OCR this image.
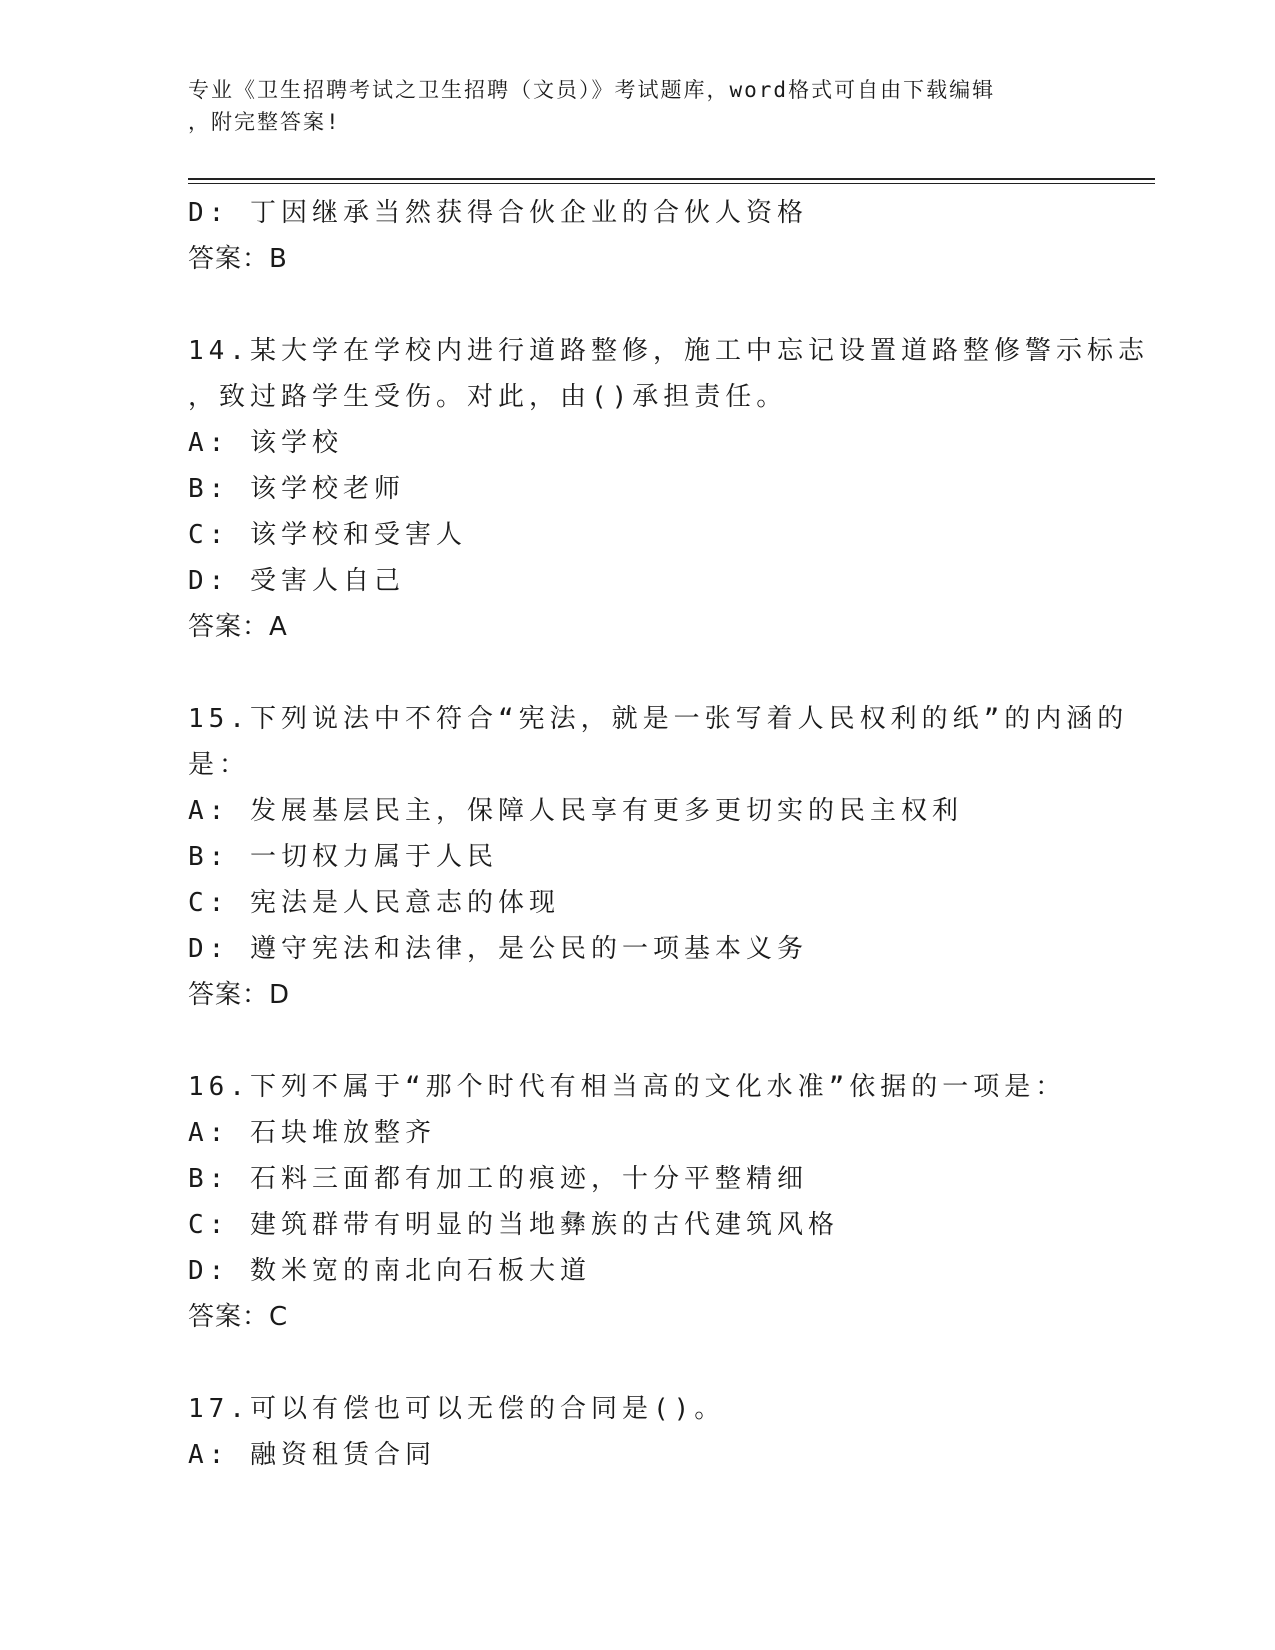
专业《卫生招聘考试之卫生招聘（文员）》考试题库，word格式可自由下载编辑
，附完整答案!
D: 丁因继承当然获得合伙企业的合伙人资格
答案：B
14.某大学在学校内进行道路整修，施工中忘记设置道路整修警示标志
，致过路学生受伤。对此，由()承担责任。
A: 该学校
B: 该学校老师
C: 该学校和受害人
D: 受害人自己
答案：A
15.下列说法中不符合“宪法，就是一张写着人民权利的纸”的内涵的
是：
A: 发展基层民主，保障人民享有更多更切实的民主权利
B: 一切权力属于人民
C: 宪法是人民意志的体现
D: 遵守宪法和法律，是公民的一项基本义务
答案：D
16.下列不属于“那个时代有相当高的文化水准”依据的一项是：
A: 石块堆放整齐
B: 石料三面都有加工的痕迹，十分平整精细
C: 建筑群带有明显的当地彝族的古代建筑风格
D: 数米宽的南北向石板大道
答案：C
17.可以有偿也可以无偿的合同是()。
A: 融资租赁合同
